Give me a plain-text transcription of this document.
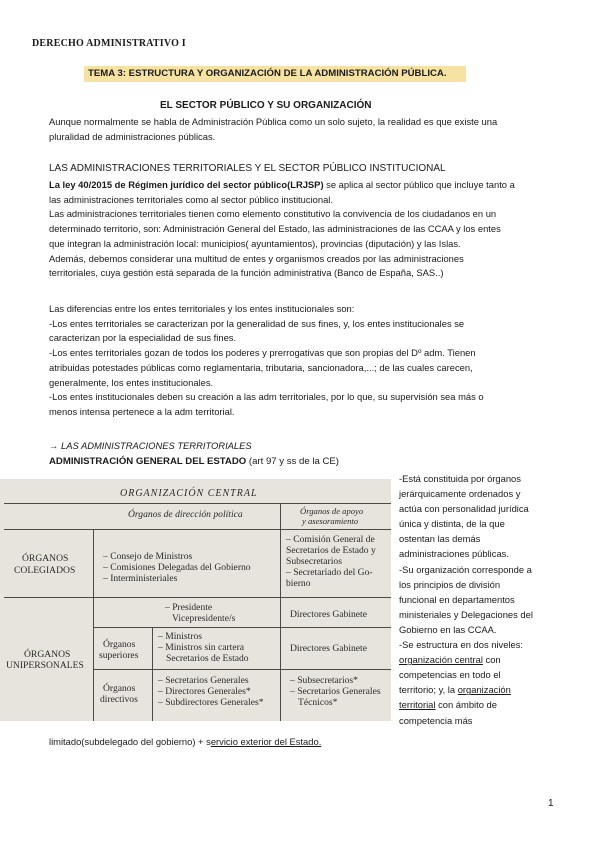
DERECHO ADMINISTRATIVO I
TEMA 3: ESTRUCTURA Y ORGANIZACIÓN DE LA ADMINISTRACIÓN PÚBLICA.
EL SECTOR PÚBLICO Y SU ORGANIZACIÓN
Aunque normalmente se habla de Administración Pública como un solo sujeto, la realidad es que existe una
pluralidad de administraciones públicas.
LAS ADMINISTRACIONES TERRITORIALES Y EL SECTOR PÚBLICO INSTITUCIONAL
La ley 40/2015 de Régimen jurídico del sector público(LRJSP) se aplica al sector público que incluye tanto a
las administraciones territoriales como al sector público institucional.
Las administraciones territoriales tienen como elemento constitutivo la convivencia de los ciudadanos en un
determinado territorio, son: Administración General del Estado, las administraciones de las CCAA y los entes
que integran la administración local: municipios( ayuntamientos), provincias (diputación) y las Islas.
Además, debemos considerar una multitud de entes y organismos creados por las administraciones
territoriales, cuya gestión está separada de la función administrativa (Banco de España, SAS..)
Las diferencias entre los entes territoriales y los entes institucionales son:
-Los entes territoriales se caracterizan por la generalidad de sus fines, y, los entes institucionales se
caracterizan por la especialidad de sus fines.
-Los entes territoriales gozan de todos los poderes y prerrogativas que son propias del Dº adm. Tienen
atribuidas potestades públicas como reglamentaria, tributaria, sancionadora,...; de las cuales carecen,
generalmente, los entes institucionales.
-Los entes institucionales deben su creación a las adm territoriales, por lo que, su supervisión sea más o
menos intensa pertenece a la adm territorial.
→ LAS ADMINISTRACIONES TERRITORIALES
ADMINISTRACIÓN GENERAL DEL ESTADO (art 97 y ss de la CE)
ORGANIZACIÓN CENTRAL
Órganos de dirección política	Órganos de apoyo
y asesoramiento
ÓRGANOS
COLEGIADOS
– Consejo de Ministros
– Comisiones Delegadas del Gobierno
– Interministeriales
– Comisión General de
Secretarios de Estado y
Subsecretarios
– Secretariado del Go-
bierno
– Presidente
Vicepresidente/s	Directores Gabinete
ÓRGANOS
UNIPERSONALES
Órganos
superiores
– Ministros
– Ministros sin cartera
Secretarios de Estado
Directores Gabinete
Órganos
directivos
– Secretarios Generales
– Directores Generales*
– Subdirectores Generales*
– Subsecretarios*
– Secretarios Generales
Técnicos*
-Está constituida por órganos
jerárquicamente ordenados y
actúa con personalidad jurídica
única y distinta, de la que
ostentan las demás
administraciones públicas.
-Su organización corresponde a
los principios de división
funcional en departamentos
ministeriales y Delegaciones del
Gobierno en las CCAA.
-Se estructura en dos niveles:
organización central con
competencias en todo el
territorio; y, la organización
territorial con ámbito de
competencia más
limitado(subdelegado del gobierno) + servicio exterior del Estado.
1
